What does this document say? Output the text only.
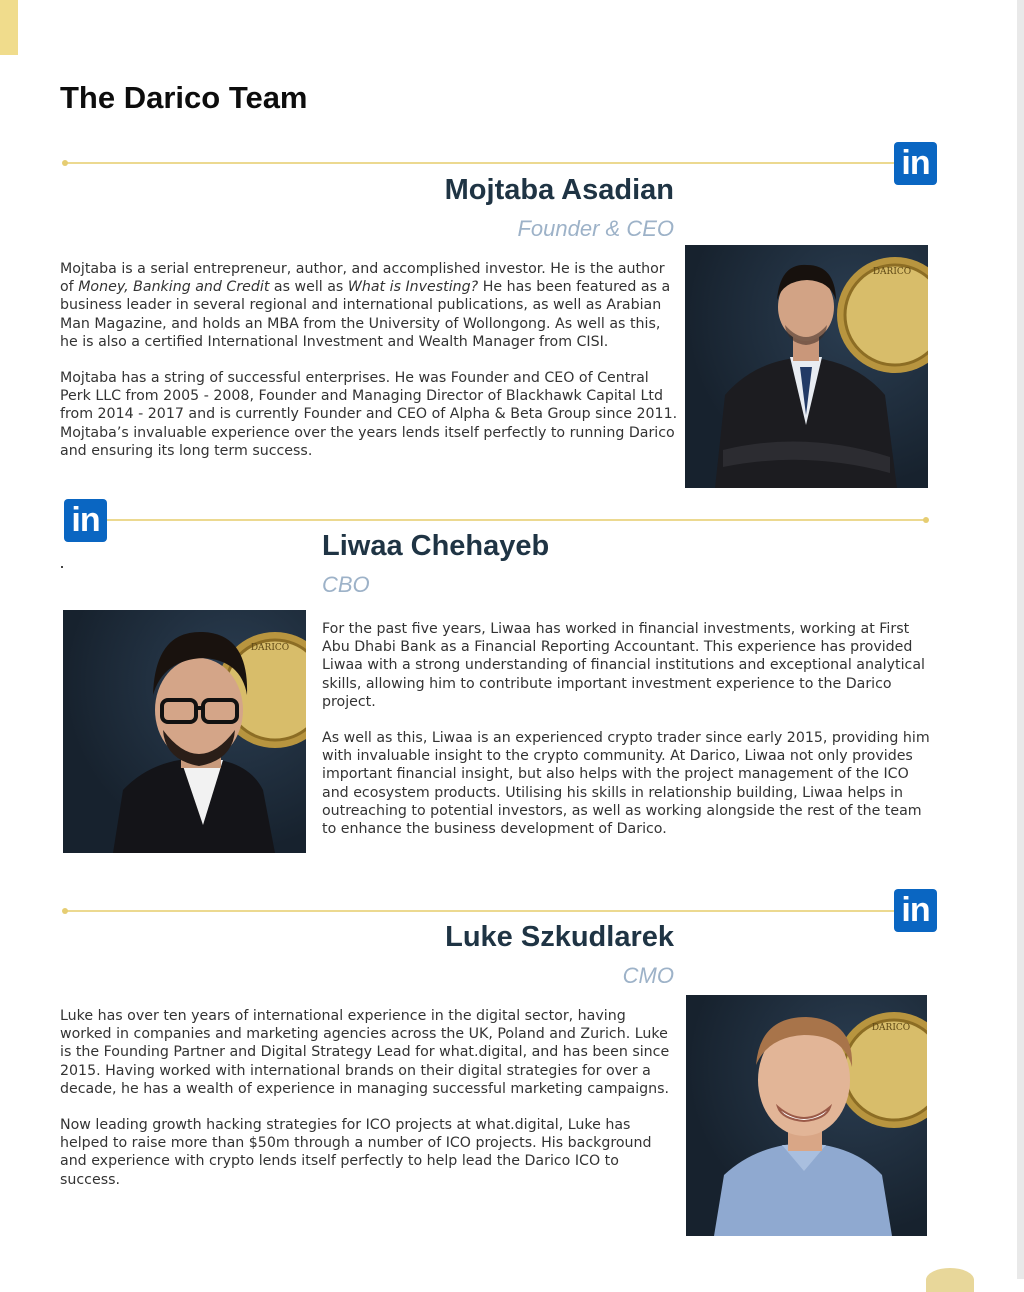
The Darico Team
in
Mojtaba Asadian
Founder & CEO

Mojtaba is a serial entrepreneur, author, and accomplished investor. He is the author of Money, Banking and Credit as well as What is Investing? He has been featured as a business leader in several regional and international publications, as well as Arabian Man Magazine, and holds an MBA from the University of Wollongong. As well as this, he is also a certified International Investment and Wealth Manager from CISI.

Mojtaba has a string of successful enterprises. He was Founder and CEO of Central Perk LLC from 2005 - 2008, Founder and Managing Director of Blackhawk Capital Ltd from 2014 - 2017 and is currently Founder and CEO of Alpha & Beta Group since 2011. Mojtaba’s invaluable experience over the years lends itself perfectly to running Darico and ensuring its long term success.

DARICO
in
Liwaa Chehayeb
CBO
DARICO

For the past five years, Liwaa has worked in financial investments, working at First Abu Dhabi Bank as a Financial Reporting Accountant. This experience has provided Liwaa with a strong understanding of financial institutions and exceptional analytical skills, allowing him to contribute important investment experience to the Darico project.

As well as this, Liwaa is an experienced crypto trader since early 2015, providing him with invaluable insight to the crypto community. At Darico, Liwaa not only provides important financial insight, but also helps with the project management of the ICO and ecosystem products. Utilising his skills in relationship building, Liwaa helps in outreaching to potential investors, as well as working alongside the rest of the team to enhance the business development of Darico.

in
Luke Szkudlarek
CMO

Luke has over ten years of international experience in the digital sector, having worked in companies and marketing agencies across the UK, Poland and Zurich. Luke is the Founding Partner and Digital Strategy Lead for what.digital, and has been since 2015. Having worked with international brands on their digital strategies for over a decade, he has a wealth of experience in managing successful marketing campaigns.

Now leading growth hacking strategies for ICO projects at what.digital, Luke has helped to raise more than $50m through a number of ICO projects. His background and experience with crypto lends itself perfectly to help lead the Darico ICO to success.

DARICO
